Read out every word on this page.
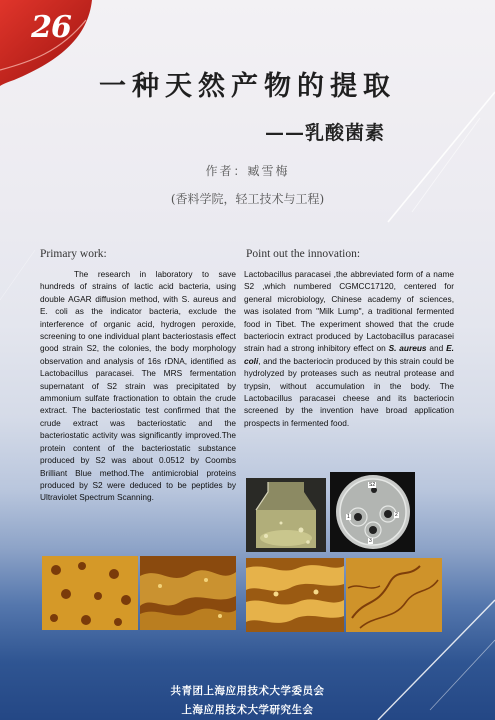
26
一种天然产物的提取
——乳酸菌素
作者：臧雪梅
(香料学院，轻工技术与工程)
Primary work:
The research in laboratory to save hundreds of strains of lactic acid bacteria, using double AGAR diffusion method, with S. aureus and E. coli as the indicator bacteria, exclude the interference of organic acid, hydrogen peroxide, screening to one individual plant bacteriostasis effect good strain S2, the colonies, the body morphology observation and analysis of 16s rDNA, identified as Lactobacillus paracasei. The MRS fermentation supernatant of S2 strain was precipitated by ammonium sulfate fractionation to obtain the crude extract. The bacteriostatic test confirmed that the crude extract was bacteriostatic and the bacteriostatic activity was significantly improved.The protein content of the bacteriostatic substance produced by S2 was about 0.0512 by Coombs Brilliant Blue method.The antimicrobial proteins produced by S2 were deduced to be peptides by Ultraviolet Spectrum Scanning.
Point out the innovation:
Lactobacillus paracasei ,the abbreviated form of a name S2 ,which numbered CGMCC17120, centered for general microbiology, Chinese academy of sciences, was isolated from "Milk Lump", a traditional fermented food in Tibet. The experiment showed that the crude bacteriocin extract produced by Lactobacillus paracasei strain had a strong inhibitory effect on S. aureus and E. coli, and the bacteriocin produced by this strain could be hydrolyzed by proteases such as neutral protease and trypsin, without accumulation in the body. The Lactobacillus paracasei cheese and its bacteriocin screened by the invention have broad application prospects in fermented food.
S2
1	2
3
共青团上海应用技术大学委员会
上海应用技术大学研究生会
